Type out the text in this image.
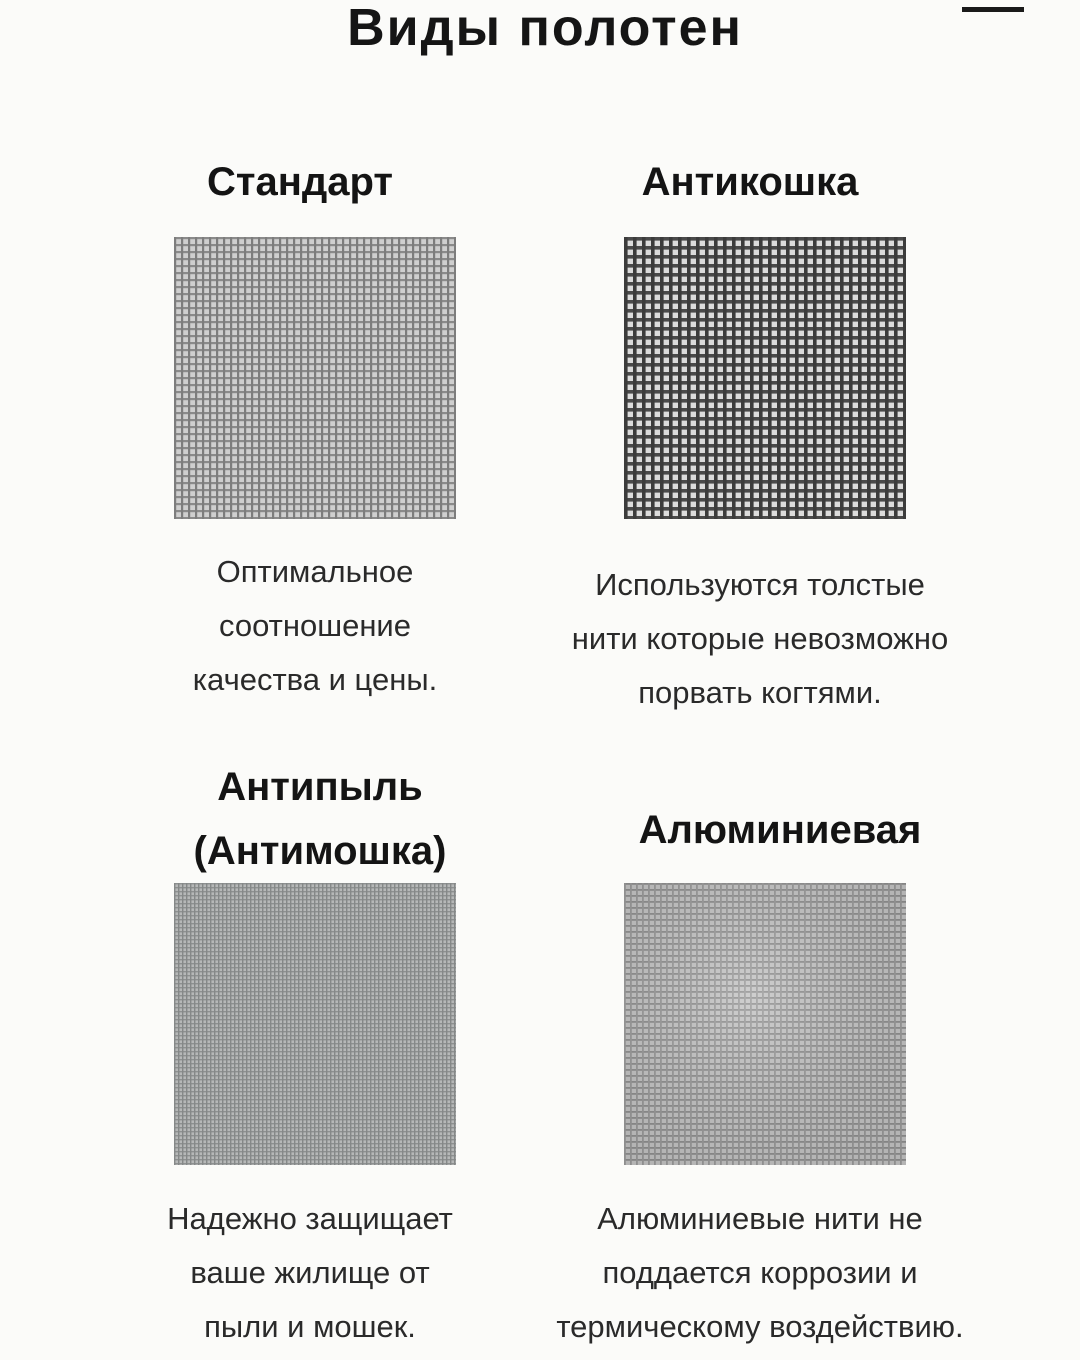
Виды полотен
Стандарт
Оптимальное
соотношение
качества и цены.
Антикошка
Используются толстые
нити которые невозможно
порвать когтями.
Антипыль
(Антимошка)
Надежно защищает
ваше жилище от
пыли и мошек.
Алюминиевая
Алюминиевые нити не
поддается коррозии и
термическому воздействию.
